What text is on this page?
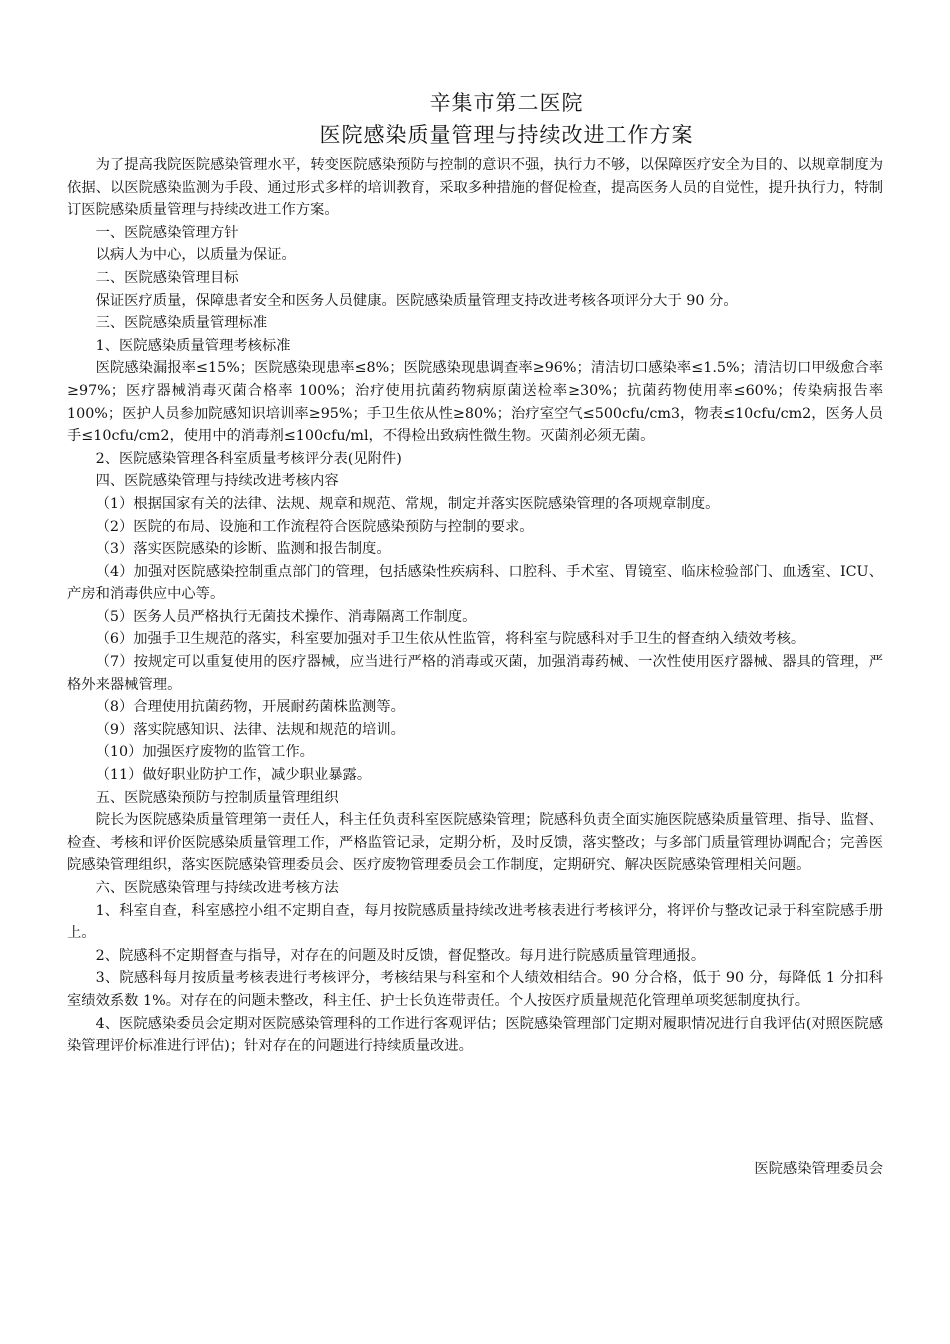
辛集市第二医院
医院感染质量管理与持续改进工作方案

为了提高我院医院感染管理水平，转变医院感染预防与控制的意识不强，执行力不够，以保障医疗安全为目的、以规章制度为依据、以医院感染监测为手段、通过形式多样的培训教育，采取多种措施的督促检查，提高医务人员的自觉性，提升执行力，特制订医院感染质量管理与持续改进工作方案。

一、医院感染管理方针

以病人为中心，以质量为保证。

二、医院感染管理目标

保证医疗质量，保障患者安全和医务人员健康。医院感染质量管理支持改进考核各项评分大于 90 分。

三、医院感染质量管理标准

1、医院感染质量管理考核标准

医院感染漏报率≤15%；医院感染现患率≤8%；医院感染现患调查率≥96%；清洁切口感染率≤1.5%；清洁切口甲级愈合率≥97%；医疗器械消毒灭菌合格率 100%；治疗使用抗菌药物病原菌送检率≥30%；抗菌药物使用率≤60%；传染病报告率 100%；医护人员参加院感知识培训率≥95%；手卫生依从性≥80%；治疗室空气≤500cfu/cm3，物表≤10cfu/cm2，医务人员手≤10cfu/cm2，使用中的消毒剂≤100cfu/ml，不得检出致病性微生物。灭菌剂必须无菌。

2、医院感染管理各科室质量考核评分表(见附件)

四、医院感染管理与持续改进考核内容

（1）根据国家有关的法律、法规、规章和规范、常规，制定并落实医院感染管理的各项规章制度。

（2）医院的布局、设施和工作流程符合医院感染预防与控制的要求。

（3）落实医院感染的诊断、监测和报告制度。

（4）加强对医院感染控制重点部门的管理，包括感染性疾病科、口腔科、手术室、胃镜室、临床检验部门、血透室、ICU、产房和消毒供应中心等。

（5）医务人员严格执行无菌技术操作、消毒隔离工作制度。

（6）加强手卫生规范的落实，科室要加强对手卫生依从性监管，将科室与院感科对手卫生的督查纳入绩效考核。

（7）按规定可以重复使用的医疗器械，应当进行严格的消毒或灭菌，加强消毒药械、一次性使用医疗器械、器具的管理，严格外来器械管理。

（8）合理使用抗菌药物，开展耐药菌株监测等。

（9）落实院感知识、法律、法规和规范的培训。

（10）加强医疗废物的监管工作。

（11）做好职业防护工作，减少职业暴露。

五、医院感染预防与控制质量管理组织

院长为医院感染质量管理第一责任人，科主任负责科室医院感染管理；院感科负责全面实施医院感染质量管理、指导、监督、检查、考核和评价医院感染质量管理工作，严格监管记录，定期分析，及时反馈，落实整改；与多部门质量管理协调配合；完善医院感染管理组织，落实医院感染管理委员会、医疗废物管理委员会工作制度，定期研究、解决医院感染管理相关问题。

六、医院感染管理与持续改进考核方法

1、科室自查，科室感控小组不定期自查，每月按院感质量持续改进考核表进行考核评分，将评价与整改记录于科室院感手册上。

2、院感科不定期督查与指导，对存在的问题及时反馈，督促整改。每月进行院感质量管理通报。

3、院感科每月按质量考核表进行考核评分，考核结果与科室和个人绩效相结合。90 分合格，低于 90 分，每降低 1 分扣科室绩效系数 1%。对存在的问题未整改，科主任、护士长负连带责任。个人按医疗质量规范化管理单项奖惩制度执行。

4、医院感染委员会定期对医院感染管理科的工作进行客观评估；医院感染管理部门定期对履职情况进行自我评估(对照医院感染管理评价标准进行评估)；针对存在的问题进行持续质量改进。

医院感染管理委员会
